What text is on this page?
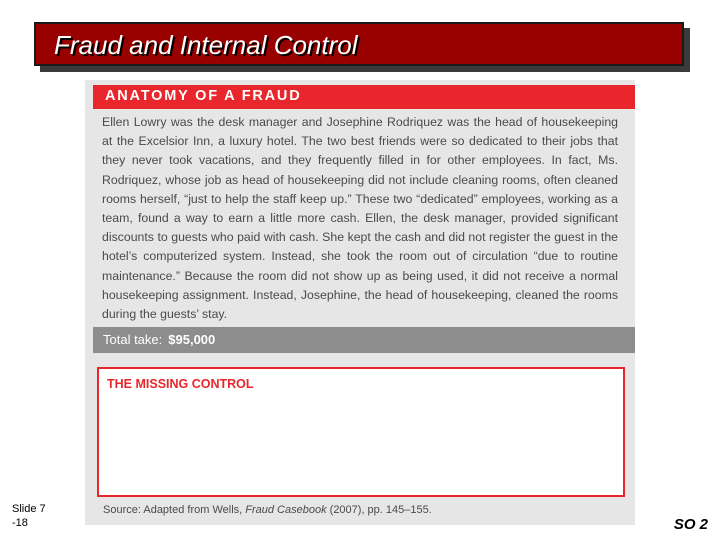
Fraud and Internal Control
ANATOMY OF A FRAUD

Ellen Lowry was the desk manager and Josephine Rodriquez was the head of housekeeping at the Excelsior Inn, a luxury hotel. The two best friends were so dedicated to their jobs that they never took vacations, and they frequently filled in for other employees. In fact, Ms. Rodriquez, whose job as head of housekeeping did not include cleaning rooms, often cleaned rooms herself, “just to help the staff keep up.” These two “dedicated” employees, working as a team, found a way to earn a little more cash. Ellen, the desk manager, provided significant discounts to guests who paid with cash. She kept the cash and did not register the guest in the hotel’s computerized system. Instead, she took the room out of circulation “due to routine maintenance.” Because the room did not show up as being used, it did not receive a normal housekeeping assignment. Instead, Josephine, the head of housekeeping, cleaned the rooms during the guests’ stay.

Total take: $95,000
THE MISSING CONTROL
Source: Adapted from Wells, Fraud Casebook (2007), pp. 145–155.
Slide 7
-18	SO 2
